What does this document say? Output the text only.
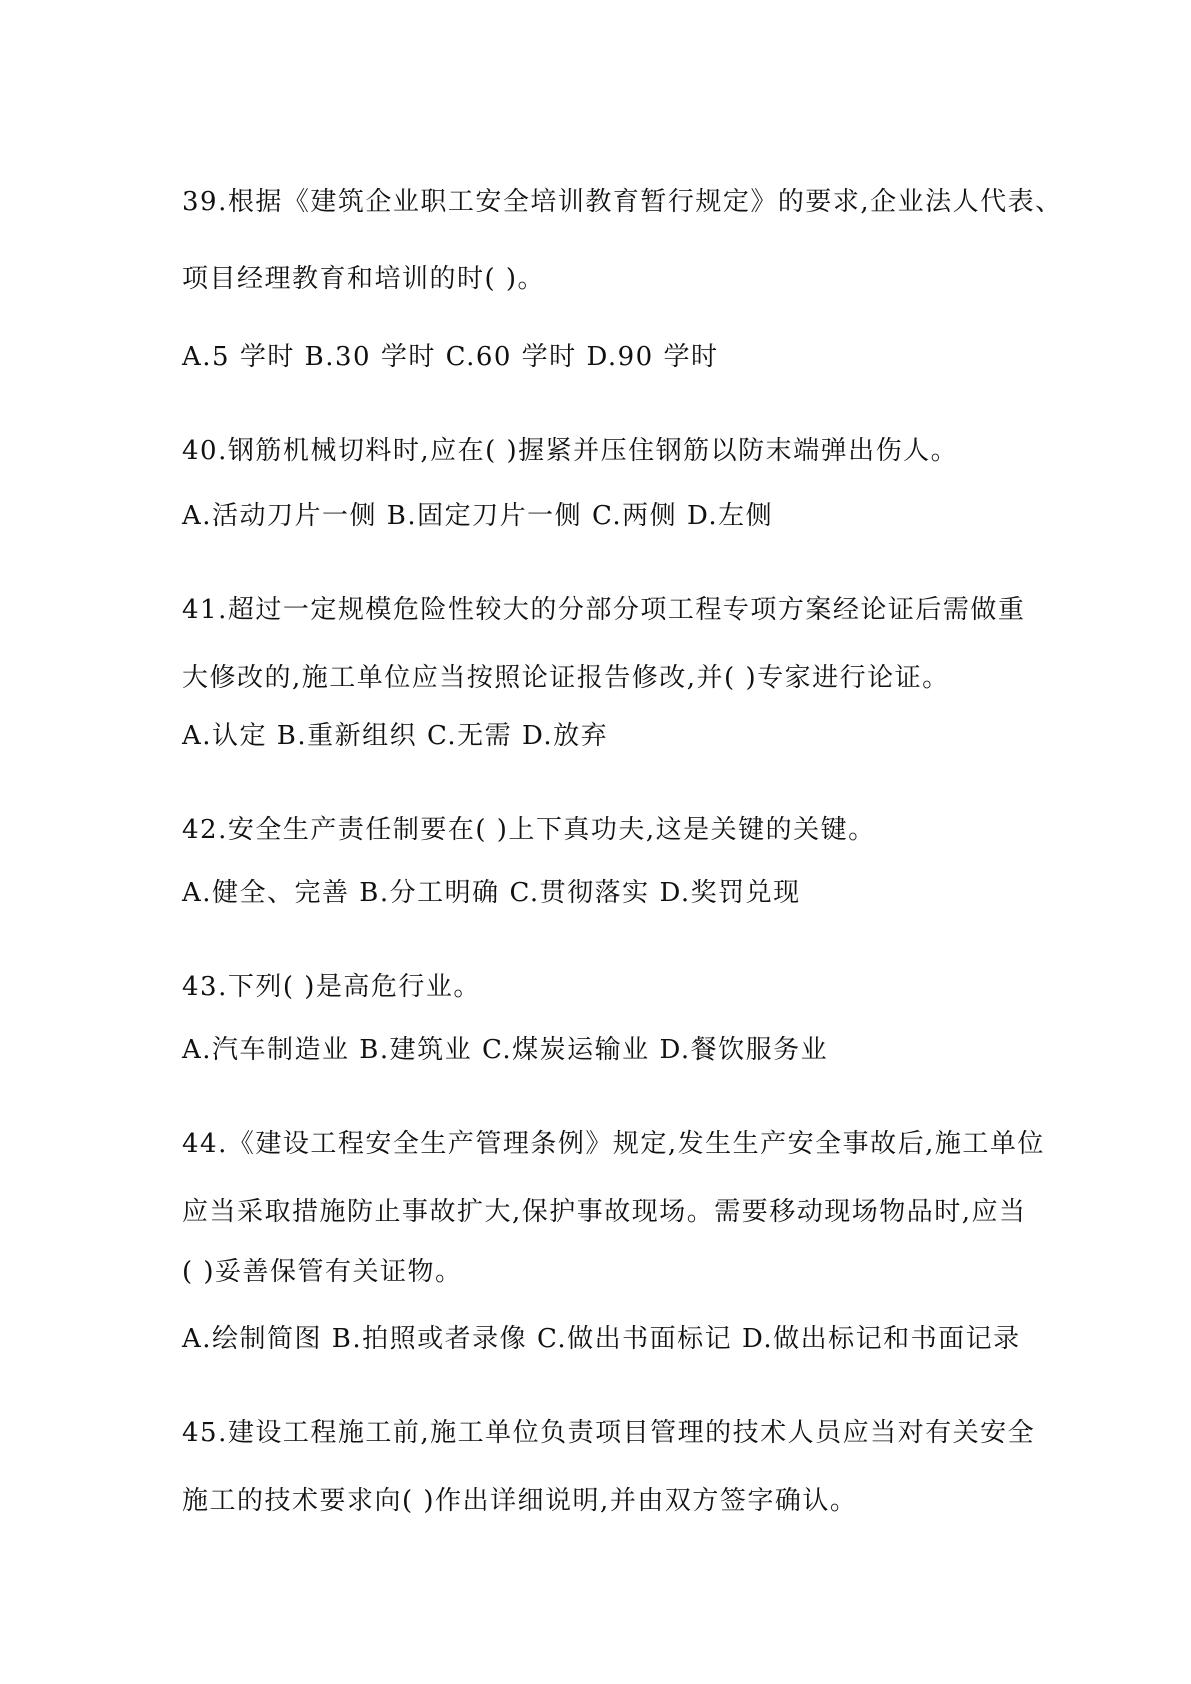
39.根据《建筑企业职工安全培训教育暂行规定》的要求,企业法人代表、

项目经理教育和培训的时( )。

A.5 学时 B.30 学时 C.60 学时 D.90 学时

40.钢筋机械切料时,应在( )握紧并压住钢筋以防末端弹出伤人。

A.活动刀片一侧 B.固定刀片一侧 C.两侧 D.左侧

41.超过一定规模危险性较大的分部分项工程专项方案经论证后需做重

大修改的,施工单位应当按照论证报告修改,并( )专家进行论证。

A.认定 B.重新组织 C.无需 D.放弃

42.安全生产责任制要在( )上下真功夫,这是关键的关键。

A.健全、完善 B.分工明确 C.贯彻落实 D.奖罚兑现

43.下列( )是高危行业。

A.汽车制造业 B.建筑业 C.煤炭运输业 D.餐饮服务业

44.《建设工程安全生产管理条例》规定,发生生产安全事故后,施工单位

应当采取措施防止事故扩大,保护事故现场。需要移动现场物品时,应当

( )妥善保管有关证物。

A.绘制简图 B.拍照或者录像 C.做出书面标记 D.做出标记和书面记录

45.建设工程施工前,施工单位负责项目管理的技术人员应当对有关安全

施工的技术要求向( )作出详细说明,并由双方签字确认。
